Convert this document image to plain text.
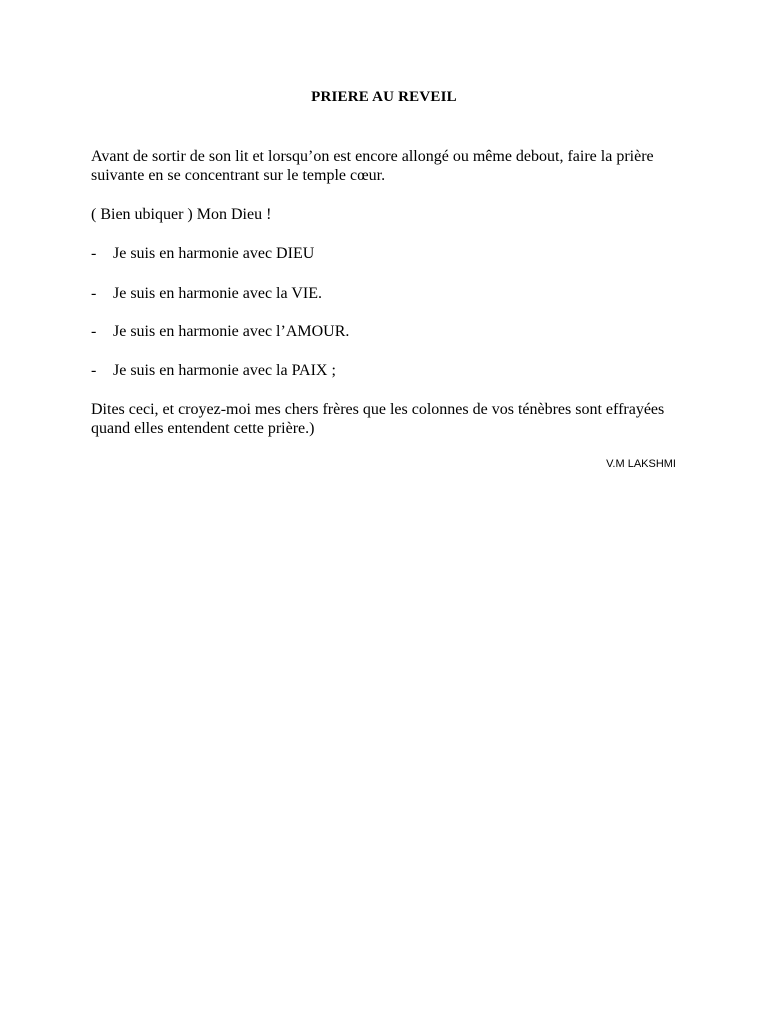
PRIERE AU REVEIL

Avant de sortir de son lit et lorsqu’on est encore allongé ou même debout, faire la prière suivante en se concentrant sur le temple cœur.

( Bien ubiquer ) Mon Dieu !

- Je suis en harmonie avec DIEU
- Je suis en harmonie avec la VIE.
- Je suis en harmonie avec l’AMOUR.
- Je suis en harmonie avec la PAIX ;

Dites ceci, et croyez-moi mes chers frères que les colonnes de vos ténèbres sont effrayées quand elles entendent cette prière.)

V.M LAKSHMI
